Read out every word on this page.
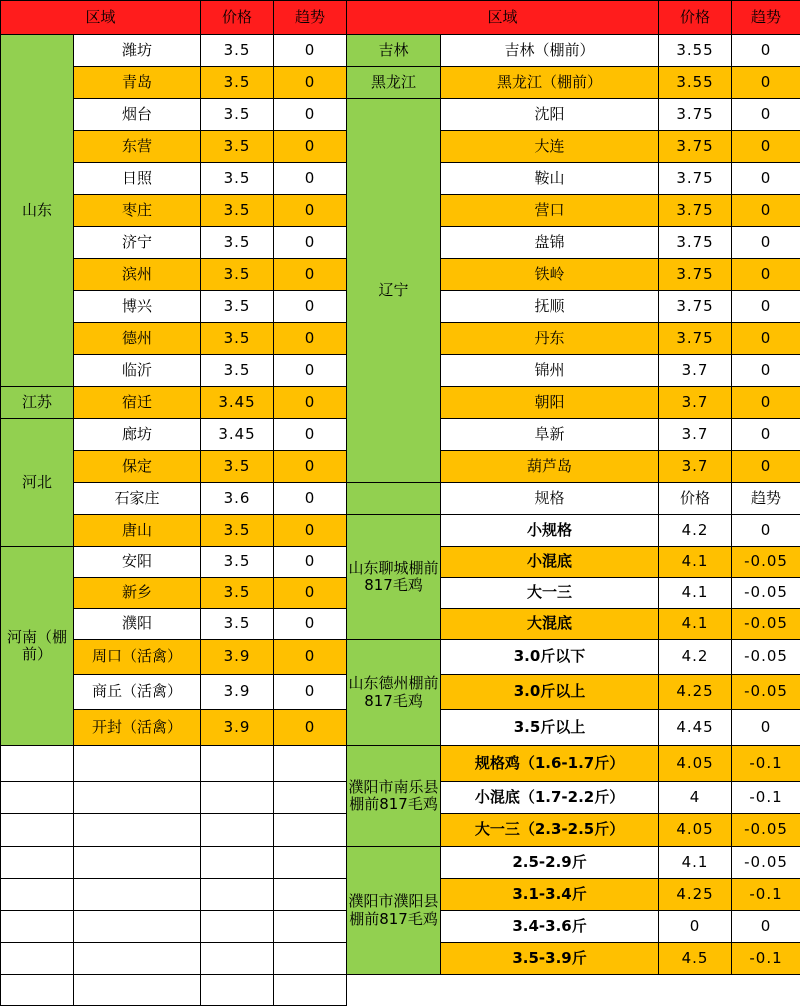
区域		价格	趋势	区域		价格	趋势
山东	潍坊	3.5	0	吉林	吉林（棚前）	3.55	0
	青岛	3.5	0	黑龙江	黑龙江（棚前）	3.55	0
	烟台	3.5	0	辽宁	沈阳	3.75	0
	东营	3.5	0		大连	3.75	0
	日照	3.5	0		鞍山	3.75	0
	枣庄	3.5	0		营口	3.75	0
	济宁	3.5	0		盘锦	3.75	0
	滨州	3.5	0		铁岭	3.75	0
	博兴	3.5	0		抚顺	3.75	0
	德州	3.5	0		丹东	3.75	0
	临沂	3.5	0		锦州	3.7	0
江苏	宿迁	3.45	0		朝阳	3.7	0
河北	廊坊	3.45	0		阜新	3.7	0
	保定	3.5	0		葫芦岛	3.7	0
	石家庄	3.6	0		规格	价格	趋势
	唐山	3.5	0	山东聊城棚前817毛鸡	小规格	4.2	0
河南（棚前）	安阳	3.5	0		小混底	4.1	-0.05
	新乡	3.5	0		大一三	4.1	-0.05
	濮阳	3.5	0		大混底	4.1	-0.05
	周口（活禽）	3.9	0	山东德州棚前817毛鸡	3.0斤以下	4.2	-0.05
	商丘（活禽）	3.9	0		3.0斤以上	4.25	-0.05
	开封（活禽）	3.9	0		3.5斤以上	4.45	0
				濮阳市南乐县棚前817毛鸡	规格鸡（1.6-1.7斤）	4.05	-0.1
					小混底（1.7-2.2斤）	4	-0.1
					大一三（2.3-2.5斤）	4.05	-0.05
				濮阳市濮阳县棚前817毛鸡	2.5-2.9斤	4.1	-0.05
					3.1-3.4斤	4.25	-0.1
					3.4-3.6斤	0	0
					3.5-3.9斤	4.5	-0.1
